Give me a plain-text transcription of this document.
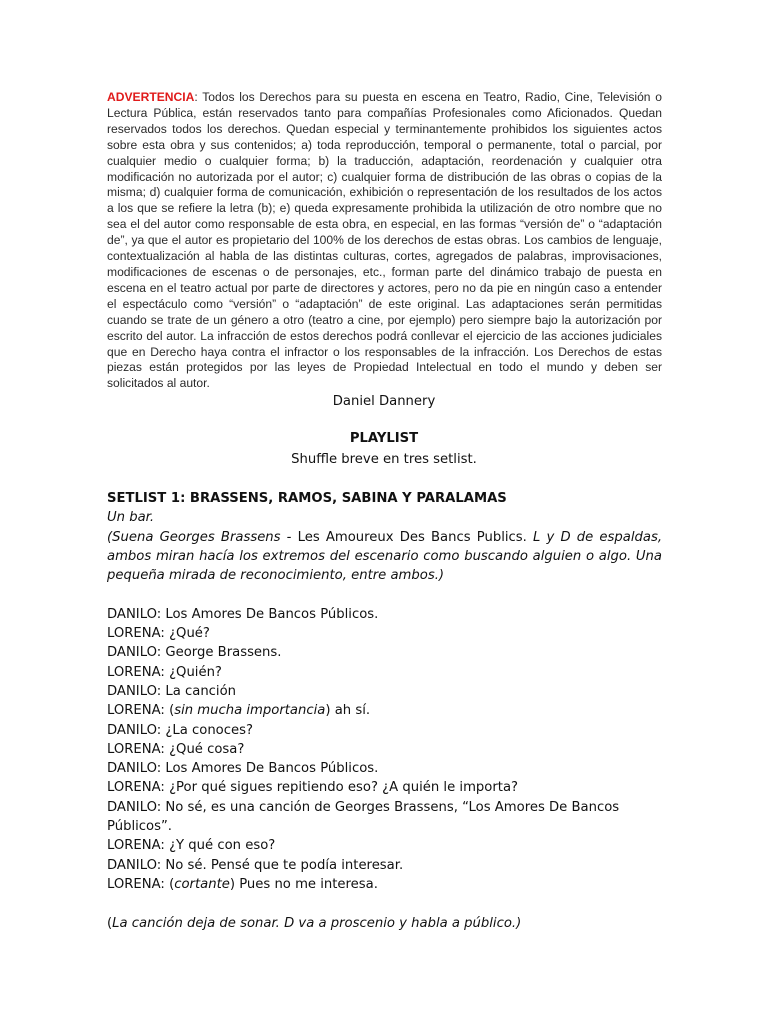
ADVERTENCIA: Todos los Derechos para su puesta en escena en Teatro, Radio, Cine, Televisión o Lectura Pública, están reservados tanto para compañías Profesionales como Aficionados. Quedan reservados todos los derechos. Quedan especial y terminantemente prohibidos los siguientes actos sobre esta obra y sus contenidos; a) toda reproducción, temporal o permanente, total o parcial, por cualquier medio o cualquier forma; b) la traducción, adaptación, reordenación y cualquier otra modificación no autorizada por el autor; c) cualquier forma de distribución de las obras o copias de la misma; d) cualquier forma de comunicación, exhibición o representación de los resultados de los actos a los que se refiere la letra (b); e) queda expresamente prohibida la utilización de otro nombre que no sea el del autor como responsable de esta obra, en especial, en las formas “versión de” o “adaptación de”, ya que el autor es propietario del 100% de los derechos de estas obras. Los cambios de lenguaje, contextualización al habla de las distintas culturas, cortes, agregados de palabras, improvisaciones, modificaciones de escenas o de personajes, etc., forman parte del dinámico trabajo de puesta en escena en el teatro actual por parte de directores y actores, pero no da pie en ningún caso a entender el espectáculo como “versión” o “adaptación” de este original. Las adaptaciones serán permitidas cuando se trate de un género a otro (teatro a cine, por ejemplo) pero siempre bajo la autorización por escrito del autor. La infracción de estos derechos podrá conllevar el ejercicio de las acciones judiciales que en Derecho haya contra el infractor o los responsables de la infracción. Los Derechos de estas piezas están protegidos por las leyes de Propiedad Intelectual en todo el mundo y deben ser solicitados al autor.

Daniel Dannery

PLAYLIST

Shuffle breve en tres setlist.

SETLIST 1: BRASSENS, RAMOS, SABINA Y PARALAMAS

Un bar.

(Suena Georges Brassens - Les Amoureux Des Bancs Publics. L y D de espaldas, ambos miran hacía los extremos del escenario como buscando alguien o algo. Una pequeña mirada de reconocimiento, entre ambos.)

DANILO: Los Amores De Bancos Públicos.

LORENA: ¿Qué?

DANILO: George Brassens.

LORENA: ¿Quién?

DANILO: La canción

LORENA: (sin mucha importancia) ah sí.

DANILO: ¿La conoces?

LORENA: ¿Qué cosa?

DANILO: Los Amores De Bancos Públicos.

LORENA: ¿Por qué sigues repitiendo eso? ¿A quién le importa?

DANILO: No sé, es una canción de Georges Brassens, “Los Amores De Bancos Públicos”.

LORENA: ¿Y qué con eso?

DANILO: No sé. Pensé que te podía interesar.

LORENA: (cortante) Pues no me interesa.

(La canción deja de sonar. D va a proscenio y habla a público.)
